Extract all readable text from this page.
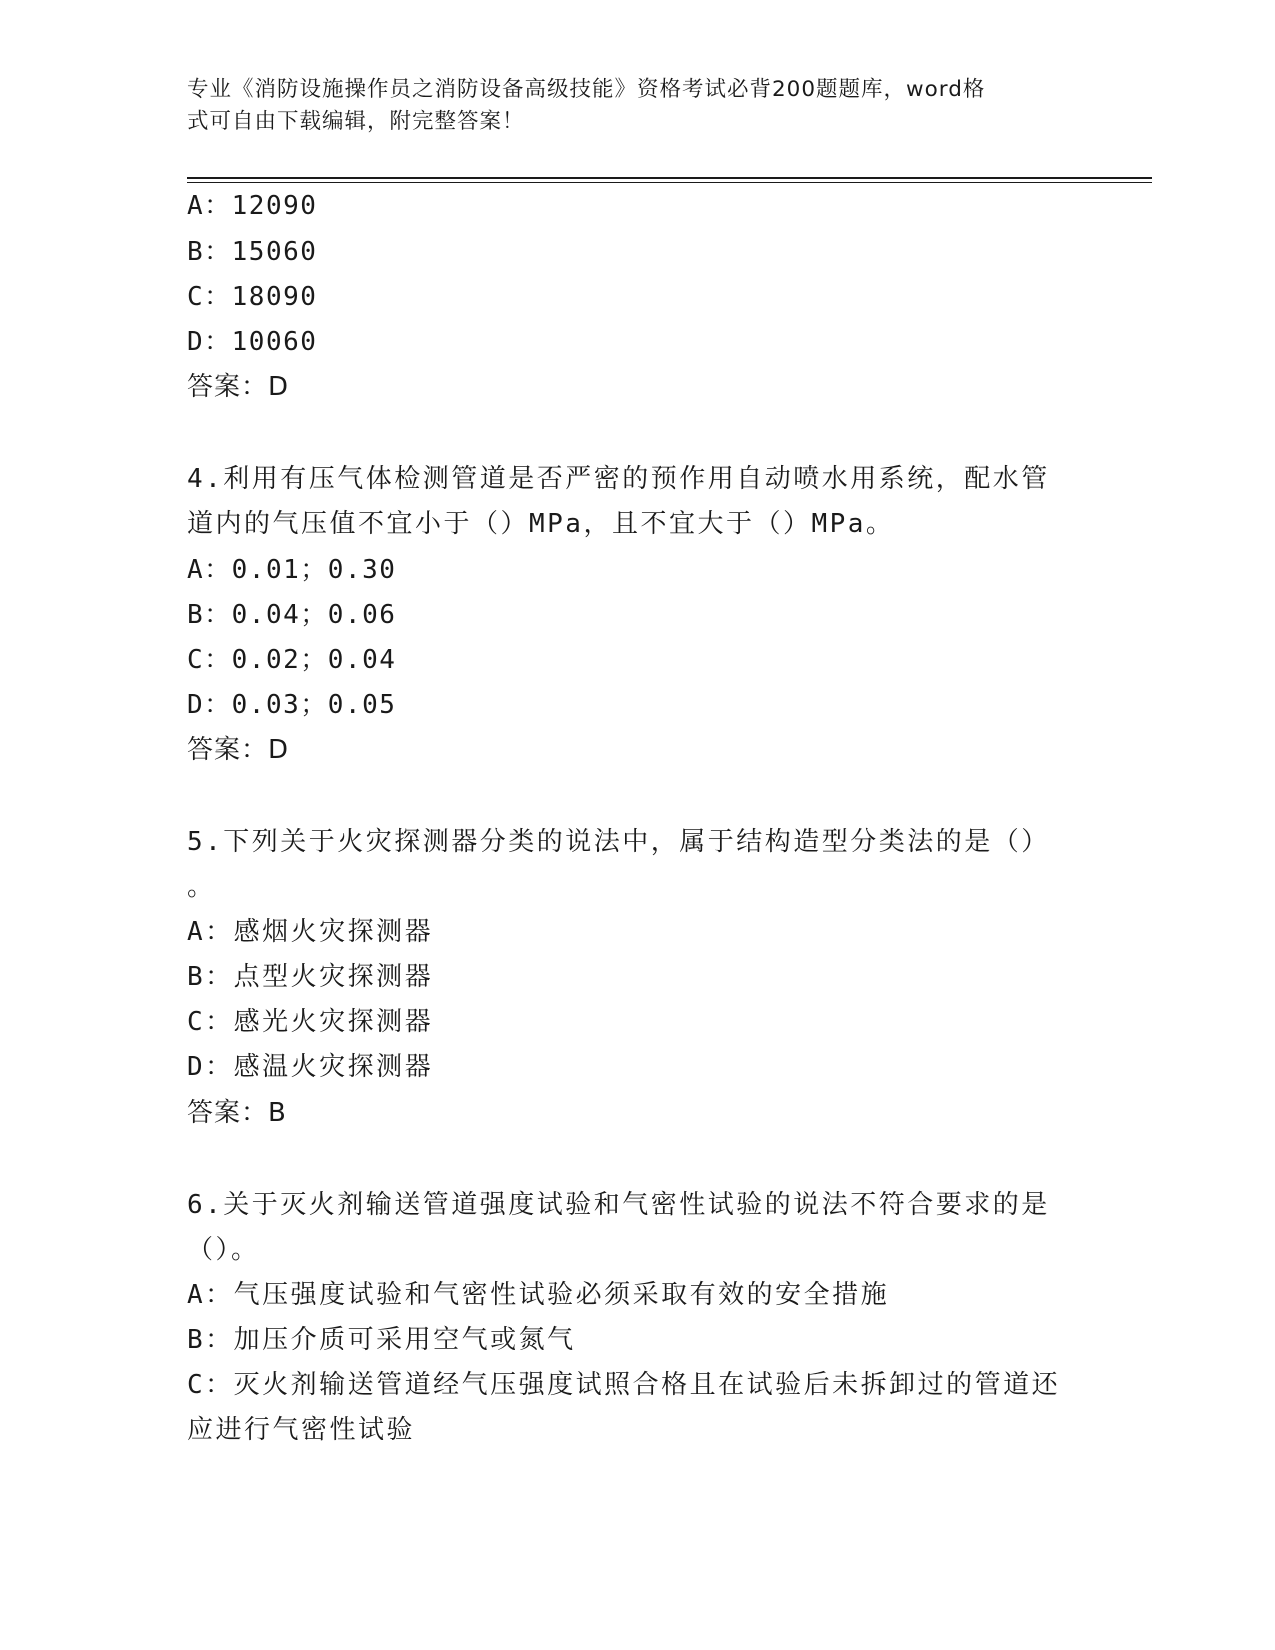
专业《消防设施操作员之消防设备高级技能》资格考试必背200题题库，word格
式可自由下载编辑，附完整答案！
A：12090
B：15060
C：18090
D：10060
答案：D
4.利用有压气体检测管道是否严密的预作用自动喷水用系统，配水管
道内的气压值不宜小于（）MPa，且不宜大于（）MPa。
A：0.01；0.30
B：0.04；0.06
C：0.02；0.04
D：0.03；0.05
答案：D
5.下列关于火灾探测器分类的说法中，属于结构造型分类法的是（）
。
A：感烟火灾探测器
B：点型火灾探测器
C：感光火灾探测器
D：感温火灾探测器
答案：B
6.关于灭火剂输送管道强度试验和气密性试验的说法不符合要求的是
（）。
A：气压强度试验和气密性试验必须采取有效的安全措施
B：加压介质可采用空气或氮气
C：灭火剂输送管道经气压强度试照合格且在试验后未拆卸过的管道还
应进行气密性试验
